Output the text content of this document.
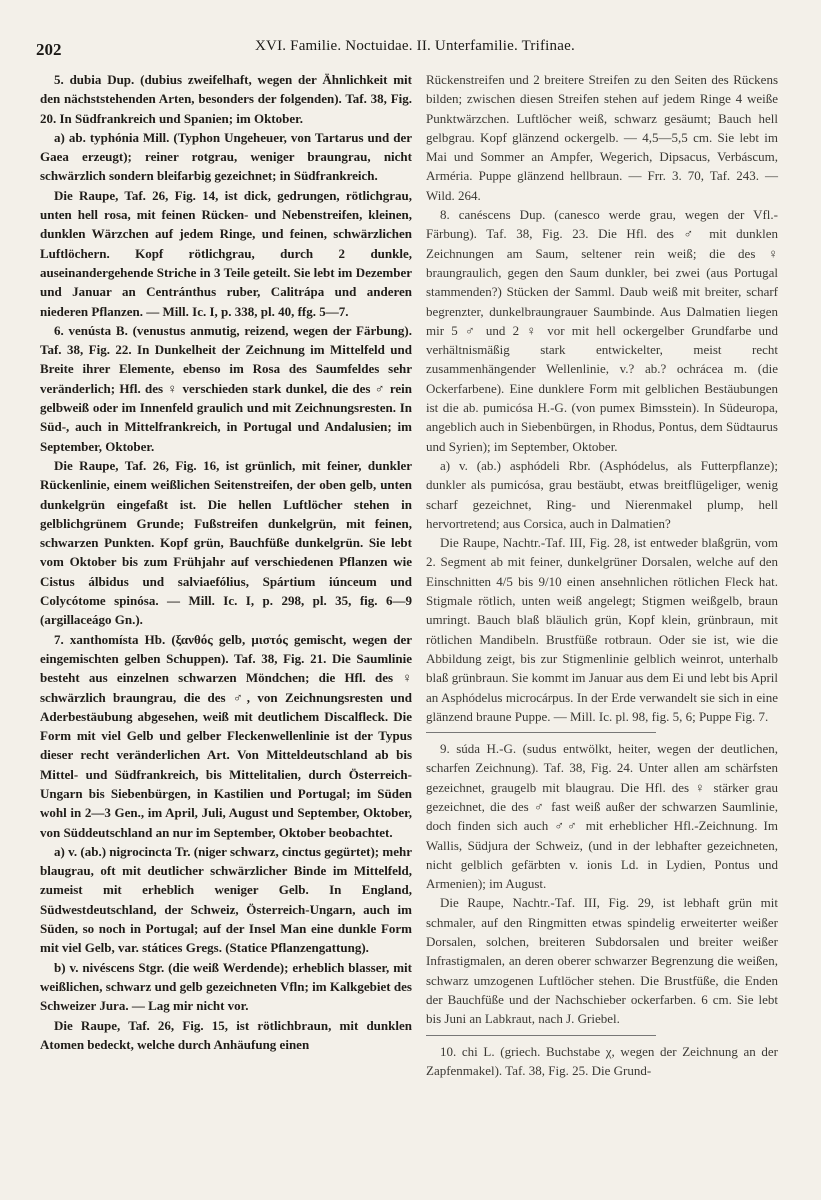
202	XVI. Familie. Noctuidae. II. Unterfamilie. Trifinae.

5. dubia Dup. (dubius zweifelhaft, wegen der Ähnlichkeit mit den nächststehenden Arten, besonders der folgenden). Taf. 38, Fig. 20. In Südfrankreich und Spanien; im Oktober.

a) ab. typhónia Mill. (Typhon Ungeheuer, von Tartarus und der Gaea erzeugt); reiner rotgrau, weniger braungrau, nicht schwärzlich sondern bleifarbig gezeichnet; in Südfrankreich.

Die Raupe, Taf. 26, Fig. 14, ist dick, gedrungen, rötlichgrau, unten hell rosa, mit feinen Rücken- und Nebenstreifen, kleinen, dunklen Wärzchen auf jedem Ringe, und feinen, schwärzlichen Luftlöchern. Kopf rötlichgrau, durch 2 dunkle, auseinandergehende Striche in 3 Teile geteilt. Sie lebt im Dezember und Januar an Centránthus ruber, Calitrápa und anderen niederen Pflanzen. — Mill. Ic. I, p. 338, pl. 40, ffg. 5—7.

6. venústa B. (venustus anmutig, reizend, wegen der Färbung). Taf. 38, Fig. 22. In Dunkelheit der Zeichnung im Mittelfeld und Breite ihrer Elemente, ebenso im Rosa des Saumfeldes sehr veränderlich; Hfl. des ♀ verschieden stark dunkel, die des ♂ rein gelbweiß oder im Innenfeld graulich und mit Zeichnungsresten. In Süd-, auch in Mittelfrankreich, in Portugal und Andalusien; im September, Oktober.

Die Raupe, Taf. 26, Fig. 16, ist grünlich, mit feiner, dunkler Rückenlinie, einem weißlichen Seitenstreifen, der oben gelb, unten dunkelgrün eingefaßt ist. Die hellen Luftlöcher stehen in gelblichgrünem Grunde; Fußstreifen dunkelgrün, mit feinen, schwarzen Punkten. Kopf grün, Bauchfüße dunkelgrün. Sie lebt vom Oktober bis zum Frühjahr auf verschiedenen Pflanzen wie Cistus álbidus und salviaefólius, Spártium iúnceum und Colycótome spinósa. — Mill. Ic. I, p. 298, pl. 35, fig. 6—9 (argillaceágo Gn.).

7. xanthomísta Hb. (ξανθός gelb, μιστός gemischt, wegen der eingemischten gelben Schuppen). Taf. 38, Fig. 21. Die Saumlinie besteht aus einzelnen schwarzen Möndchen; die Hfl. des ♀ schwärzlich braungrau, die des ♂, von Zeichnungsresten und Aderbestäubung abgesehen, weiß mit deutlichem Discalfleck. Die Form mit viel Gelb und gelber Fleckenwellenlinie ist der Typus dieser recht veränderlichen Art. Von Mitteldeutschland ab bis Mittel- und Südfrankreich, bis Mittelitalien, durch Österreich-Ungarn bis Siebenbürgen, in Kastilien und Portugal; im Süden wohl in 2—3 Gen., im April, Juli, August und September, Oktober, von Süddeutschland an nur im September, Oktober beobachtet.

a) v. (ab.) nigrocincta Tr. (niger schwarz, cinctus gegürtet); mehr blaugrau, oft mit deutlicher schwärzlicher Binde im Mittelfeld, zumeist mit erheblich weniger Gelb. In England, Südwestdeutschland, der Schweiz, Österreich-Ungarn, auch im Süden, so noch in Portugal; auf der Insel Man eine dunkle Form mit viel Gelb, var. státices Gregs. (Statice Pflanzengattung).

b) v. nivéscens Stgr. (die weiß Werdende); erheblich blasser, mit weißlichen, schwarz und gelb gezeichneten Vfln; im Kalkgebiet des Schweizer Jura. — Lag mir nicht vor.

Die Raupe, Taf. 26, Fig. 15, ist rötlichbraun, mit dunklen Atomen bedeckt, welche durch Anhäufung einen

Rückenstreifen und 2 breitere Streifen zu den Seiten des Rückens bilden; zwischen diesen Streifen stehen auf jedem Ringe 4 weiße Punktwärzchen. Luftlöcher weiß, schwarz gesäumt; Bauch hell gelbgrau. Kopf glänzend ockergelb. — 4,5—5,5 cm. Sie lebt im Mai und Sommer an Ampfer, Wegerich, Dipsacus, Verbáscum, Arméria. Puppe glänzend hellbraun. — Frr. 3. 70, Taf. 243. — Wild. 264.

8. canéscens Dup. (canesco werde grau, wegen der Vfl.-Färbung). Taf. 38, Fig. 23. Die Hfl. des ♂ mit dunklen Zeichnungen am Saum, seltener rein weiß; die des ♀ braungraulich, gegen den Saum dunkler, bei zwei (aus Portugal stammenden?) Stücken der Samml. Daub weiß mit breiter, scharf begrenzter, dunkelbraungrauer Saumbinde. Aus Dalmatien liegen mir 5 ♂ und 2 ♀ vor mit hell ockergelber Grundfarbe und verhältnismäßig stark entwickelter, meist recht zusammenhängender Wellenlinie, v.? ab.? ochrácea m. (die Ockerfarbene). Eine dunklere Form mit gelblichen Bestäubungen ist die ab. pumicósa H.-G. (von pumex Bimsstein). In Südeuropa, angeblich auch in Siebenbürgen, in Rhodus, Pontus, dem Südtaurus und Syrien); im September, Oktober.

a) v. (ab.) asphódeli Rbr. (Asphódelus, als Futterpflanze); dunkler als pumicósa, grau bestäubt, etwas breitflügeliger, wenig scharf gezeichnet, Ring- und Nierenmakel plump, hell hervortretend; aus Corsica, auch in Dalmatien?

Die Raupe, Nachtr.-Taf. III, Fig. 28, ist entweder blaßgrün, vom 2. Segment ab mit feiner, dunkelgrüner Dorsalen, welche auf den Einschnitten 4/5 bis 9/10 einen ansehnlichen rötlichen Fleck hat. Stigmale rötlich, unten weiß angelegt; Stigmen weißgelb, braun umringt. Bauch blaß bläulich grün, Kopf klein, grünbraun, mit rötlichen Mandibeln. Brustfüße rotbraun. Oder sie ist, wie die Abbildung zeigt, bis zur Stigmenlinie gelblich weinrot, unterhalb blaß grünbraun. Sie kommt im Januar aus dem Ei und lebt bis April an Asphódelus microcárpus. In der Erde verwandelt sie sich in eine glänzend braune Puppe. — Mill. Ic. pl. 98, fig. 5, 6; Puppe Fig. 7.

9. súda H.-G. (sudus entwölkt, heiter, wegen der deutlichen, scharfen Zeichnung). Taf. 38, Fig. 24. Unter allen am schärfsten gezeichnet, graugelb mit blaugrau. Die Hfl. des ♀ stärker grau gezeichnet, die des ♂ fast weiß außer der schwarzen Saumlinie, doch finden sich auch ♂♂ mit erheblicher Hfl.-Zeichnung. Im Wallis, Südjura der Schweiz, (und in der lebhafter gezeichneten, nicht gelblich gefärbten v. ionis Ld. in Lydien, Pontus und Armenien); im August.

Die Raupe, Nachtr.-Taf. III, Fig. 29, ist lebhaft grün mit schmaler, auf den Ringmitten etwas spindelig erweiterter weißer Dorsalen, solchen, breiteren Subdorsalen und breiter weißer Infrastigmalen, an deren oberer schwarzer Begrenzung die weißen, schwarz umzogenen Luftlöcher stehen. Die Brustfüße, die Enden der Bauchfüße und der Nachschieber ockerfarben. 6 cm. Sie lebt bis Juni an Labkraut, nach J. Griebel.

10. chi L. (griech. Buchstabe χ, wegen der Zeichnung an der Zapfenmakel). Taf. 38, Fig. 25. Die Grund-
